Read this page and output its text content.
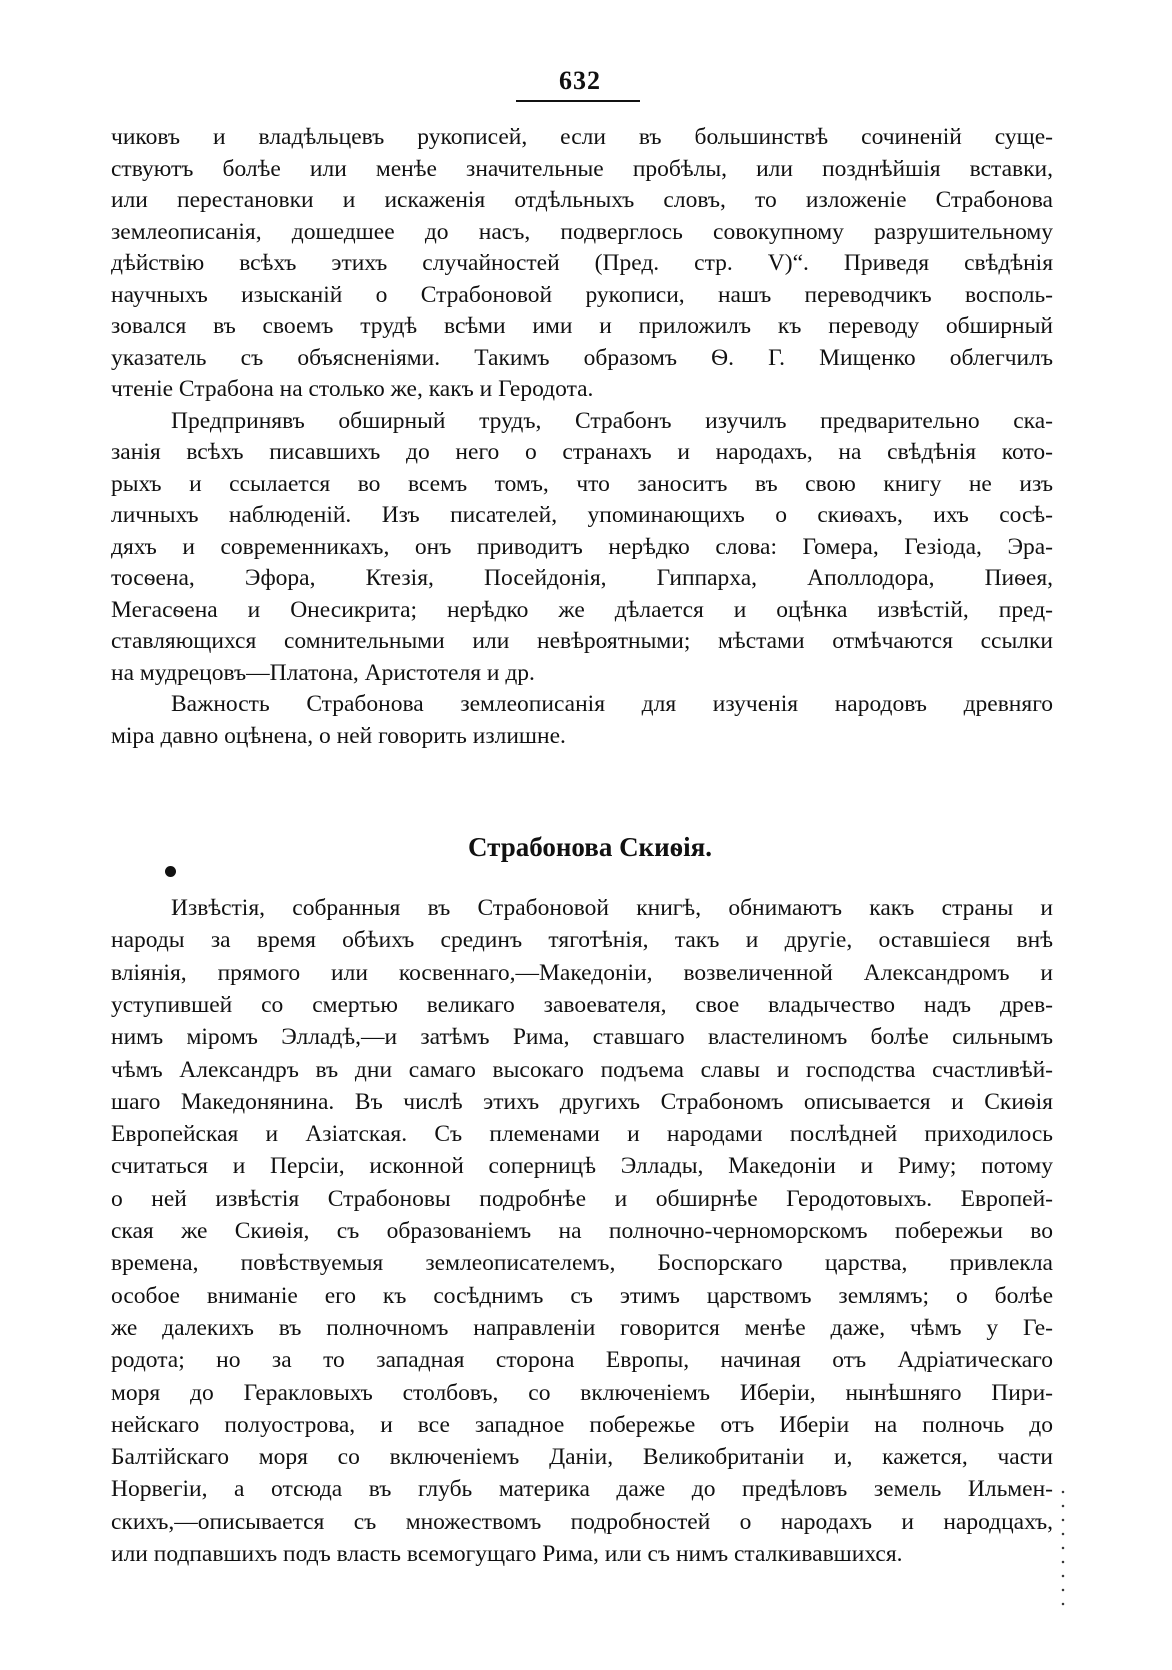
632
чиковъ и владѣльцевъ рукописей, если въ большинствѣ сочиненій суще-
ствуютъ болѣе или менѣе значительные пробѣлы, или позднѣйшія вставки,
или перестановки и искаженія отдѣльныхъ словъ, то изложеніе Страбонова
землеописанія, дошедшее до насъ, подверглось совокупному разрушительному
дѣйствію всѣхъ этихъ случайностей (Пред. стр. V)“. Приведя свѣдѣнія
научныхъ изысканій о Страбоновой рукописи, нашъ переводчикъ восполь-
зовался въ своемъ трудѣ всѣми ими и приложилъ къ переводу обширный
указатель съ объясненіями. Такимъ образомъ Ѳ. Г. Мищенко облегчилъ
чтеніе Страбона на столько же, какъ и Геродота.
Предпринявъ обширный трудъ, Страбонъ изучилъ предварительно ска-
занія всѣхъ писавшихъ до него о странахъ и народахъ, на свѣдѣнія кото-
рыхъ и ссылается во всемъ томъ, что заноситъ въ свою книгу не изъ
личныхъ наблюденій. Изъ писателей, упоминающихъ о скиѳахъ, ихъ сосѣ-
дяхъ и современникахъ, онъ приводитъ нерѣдко слова: Гомера, Гезіода, Эра-
тосѳена, Эфора, Ктезія, Посейдонія, Гиппарха, Аполлодора, Пиѳея,
Мегасѳена и Онесикрита; нерѣдко же дѣлается и оцѣнка извѣстій, пред-
ставляющихся сомнительными или невѣроятными; мѣстами отмѣчаются ссылки
на мудрецовъ—Платона, Аристотеля и др.
Важность Страбонова землеописанія для изученія народовъ древняго
міра давно оцѣнена, о ней говорить излишне.
Извѣстія, собранныя въ Страбоновой книгѣ, обнимаютъ какъ страны и
народы за время обѣихъ срединъ тяготѣнія, такъ и другіе, оставшіеся внѣ
вліянія, прямого или косвеннаго,—Македоніи, возвеличенной Александромъ и
уступившей со смертью великаго завоевателя, свое владычество надъ древ-
нимъ міромъ Элладѣ,—и затѣмъ Рима, ставшаго властелиномъ болѣе сильнымъ
чѣмъ Александръ въ дни самаго высокаго подъема славы и господства счастливѣй-
шаго Македонянина. Въ числѣ этихъ другихъ Страбономъ описывается и Скиѳія
Европейская и Азіатская. Съ племенами и народами послѣдней приходилось
считаться и Персіи, исконной соперницѣ Эллады, Македоніи и Риму; потому
о ней извѣстія Страбоновы подробнѣе и обширнѣе Геродотовыхъ. Европей-
ская же Скиѳія, съ образованіемъ на полночно-черноморскомъ побережьи во
времена, повѣствуемыя землеописателемъ, Боспорскаго царства, привлекла
особое вниманіе его къ сосѣднимъ съ этимъ царствомъ землямъ; о болѣе
же далекихъ въ полночномъ направленіи говорится менѣе даже, чѣмъ у Ге-
родота; но за то западная сторона Европы, начиная отъ Адріатическаго
моря до Геракловыхъ столбовъ, со включеніемъ Иберіи, нынѣшняго Пири-
нейскаго полуострова, и все западное побережье отъ Иберіи на полночь до
Балтійскаго моря со включеніемъ Даніи, Великобританіи и, кажется, части
Норвегіи, а отсюда въ глубь материка даже до предѣловъ земель Ильмен-
скихъ,—описывается съ множествомъ подробностей о народахъ и народцахъ,
или подпавшихъ подъ власть всемогущаго Рима, или съ нимъ сталкивавшихся.
Страбонова Скиѳія.
